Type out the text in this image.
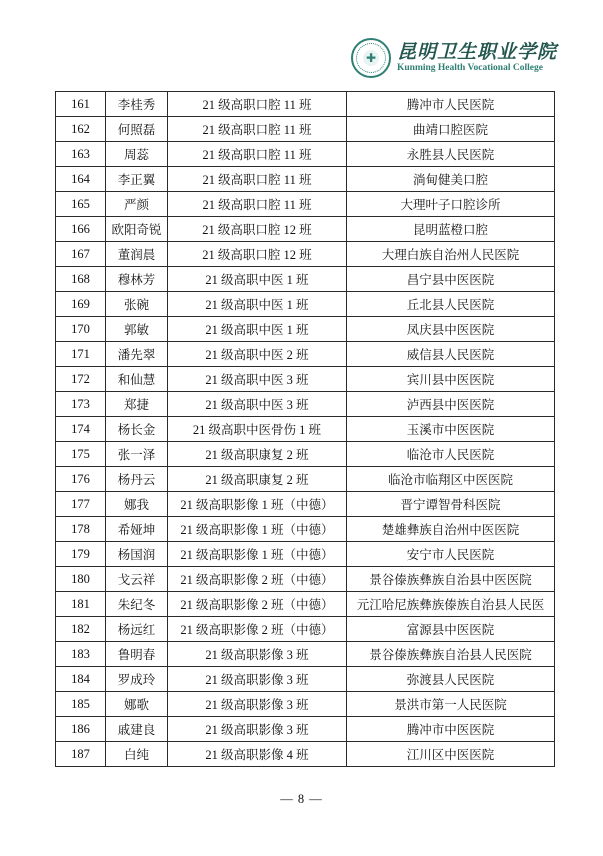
✚ 昆明卫生职业学院
Kunming Health Vocational College
161	李桂秀	21 级高职口腔 11 班	腾冲市人民医院
162	何照磊	21 级高职口腔 11 班	曲靖口腔医院
163	周蕊	21 级高职口腔 11 班	永胜县人民医院
164	李正翼	21 级高职口腔 11 班	淌甸健美口腔
165	严颜	21 级高职口腔 11 班	大理叶子口腔诊所
166	欧阳奇锐	21 级高职口腔 12 班	昆明蓝橙口腔
167	董润晨	21 级高职口腔 12 班	大理白族自治州人民医院
168	穆林芳	21 级高职中医 1 班	昌宁县中医医院
169	张碗	21 级高职中医 1 班	丘北县人民医院
170	郭敏	21 级高职中医 1 班	凤庆县中医医院
171	潘先翠	21 级高职中医 2 班	威信县人民医院
172	和仙慧	21 级高职中医 3 班	宾川县中医医院
173	郑捷	21 级高职中医 3 班	泸西县中医医院
174	杨长金	21 级高职中医骨伤 1 班	玉溪市中医医院
175	张一泽	21 级高职康复 2 班	临沧市人民医院
176	杨丹云	21 级高职康复 2 班	临沧市临翔区中医医院
177	娜我	21 级高职影像 1 班（中德）	晋宁谭智骨科医院
178	希娅坤	21 级高职影像 1 班（中德）	楚雄彝族自治州中医医院
179	杨国润	21 级高职影像 1 班（中德）	安宁市人民医院
180	戈云祥	21 级高职影像 2 班（中德）	景谷傣族彝族自治县中医医院
181	朱纪冬	21 级高职影像 2 班（中德）	元江哈尼族彝族傣族自治县人民医
182	杨远红	21 级高职影像 2 班（中德）	富源县中医医院
183	鲁明春	21 级高职影像 3 班	景谷傣族彝族自治县人民医院
184	罗成玲	21 级高职影像 3 班	弥渡县人民医院
185	娜歌	21 级高职影像 3 班	景洪市第一人民医院
186	戚建良	21 级高职影像 3 班	腾冲市中医医院
187	白纯	21 级高职影像 4 班	江川区中医医院
— 8 —
